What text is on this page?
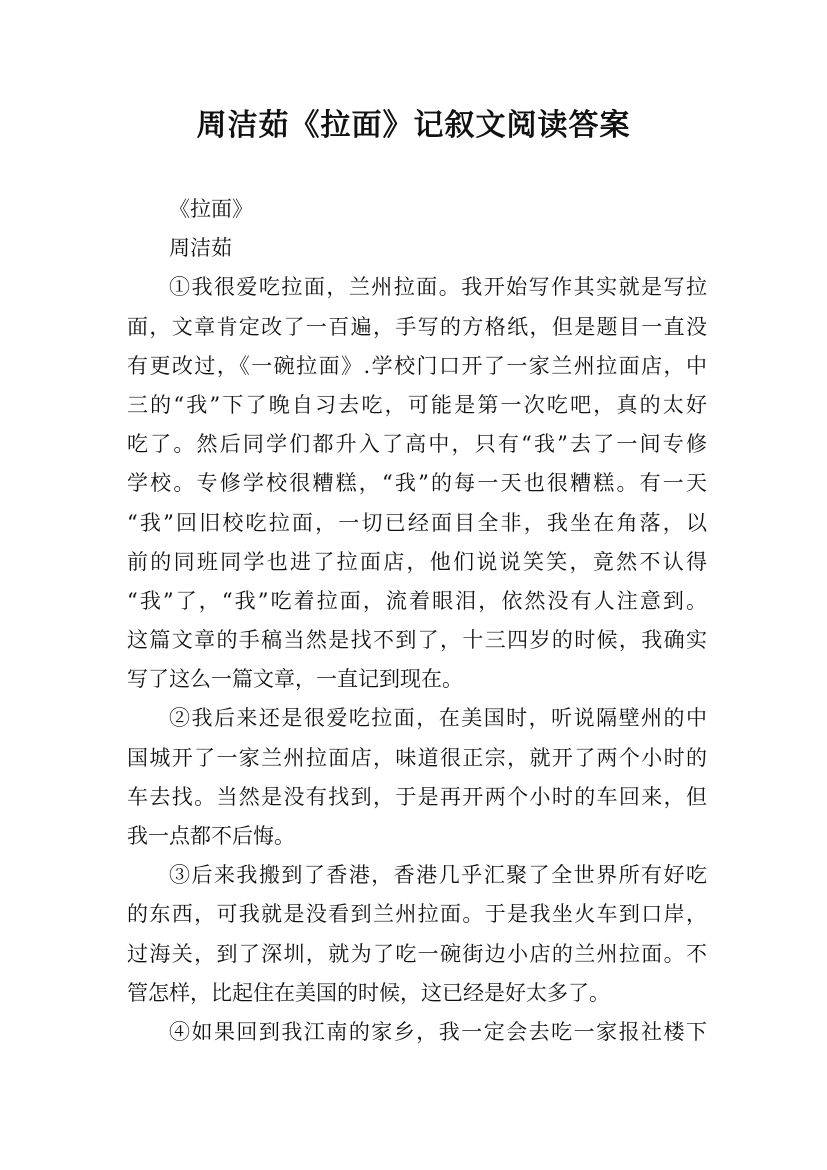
周洁茹《拉面》记叙文阅读答案

《拉面》

周洁茹

①我很爱吃拉面，兰州拉面。我开始写作其实就是写拉

面，文章肯定改了一百遍，手写的方格纸，但是题目一直没

有更改过，《一碗拉面》.学校门口开了一家兰州拉面店，中

三的“我”下了晚自习去吃，可能是第一次吃吧，真的太好

吃了。然后同学们都升入了高中，只有“我”去了一间专修

学校。专修学校很糟糕，“我”的每一天也很糟糕。有一天

“我”回旧校吃拉面，一切已经面目全非，我坐在角落，以

前的同班同学也进了拉面店，他们说说笑笑，竟然不认得

“我”了，“我”吃着拉面，流着眼泪，依然没有人注意到。

这篇文章的手稿当然是找不到了，十三四岁的时候，我确实

写了这么一篇文章，一直记到现在。

②我后来还是很爱吃拉面，在美国时，听说隔壁州的中

国城开了一家兰州拉面店，味道很正宗，就开了两个小时的

车去找。当然是没有找到，于是再开两个小时的车回来，但

我一点都不后悔。

③后来我搬到了香港，香港几乎汇聚了全世界所有好吃

的东西，可我就是没看到兰州拉面。于是我坐火车到口岸，

过海关，到了深圳，就为了吃一碗街边小店的兰州拉面。不

管怎样，比起住在美国的时候，这已经是好太多了。

④如果回到我江南的家乡，我一定会去吃一家报社楼下
